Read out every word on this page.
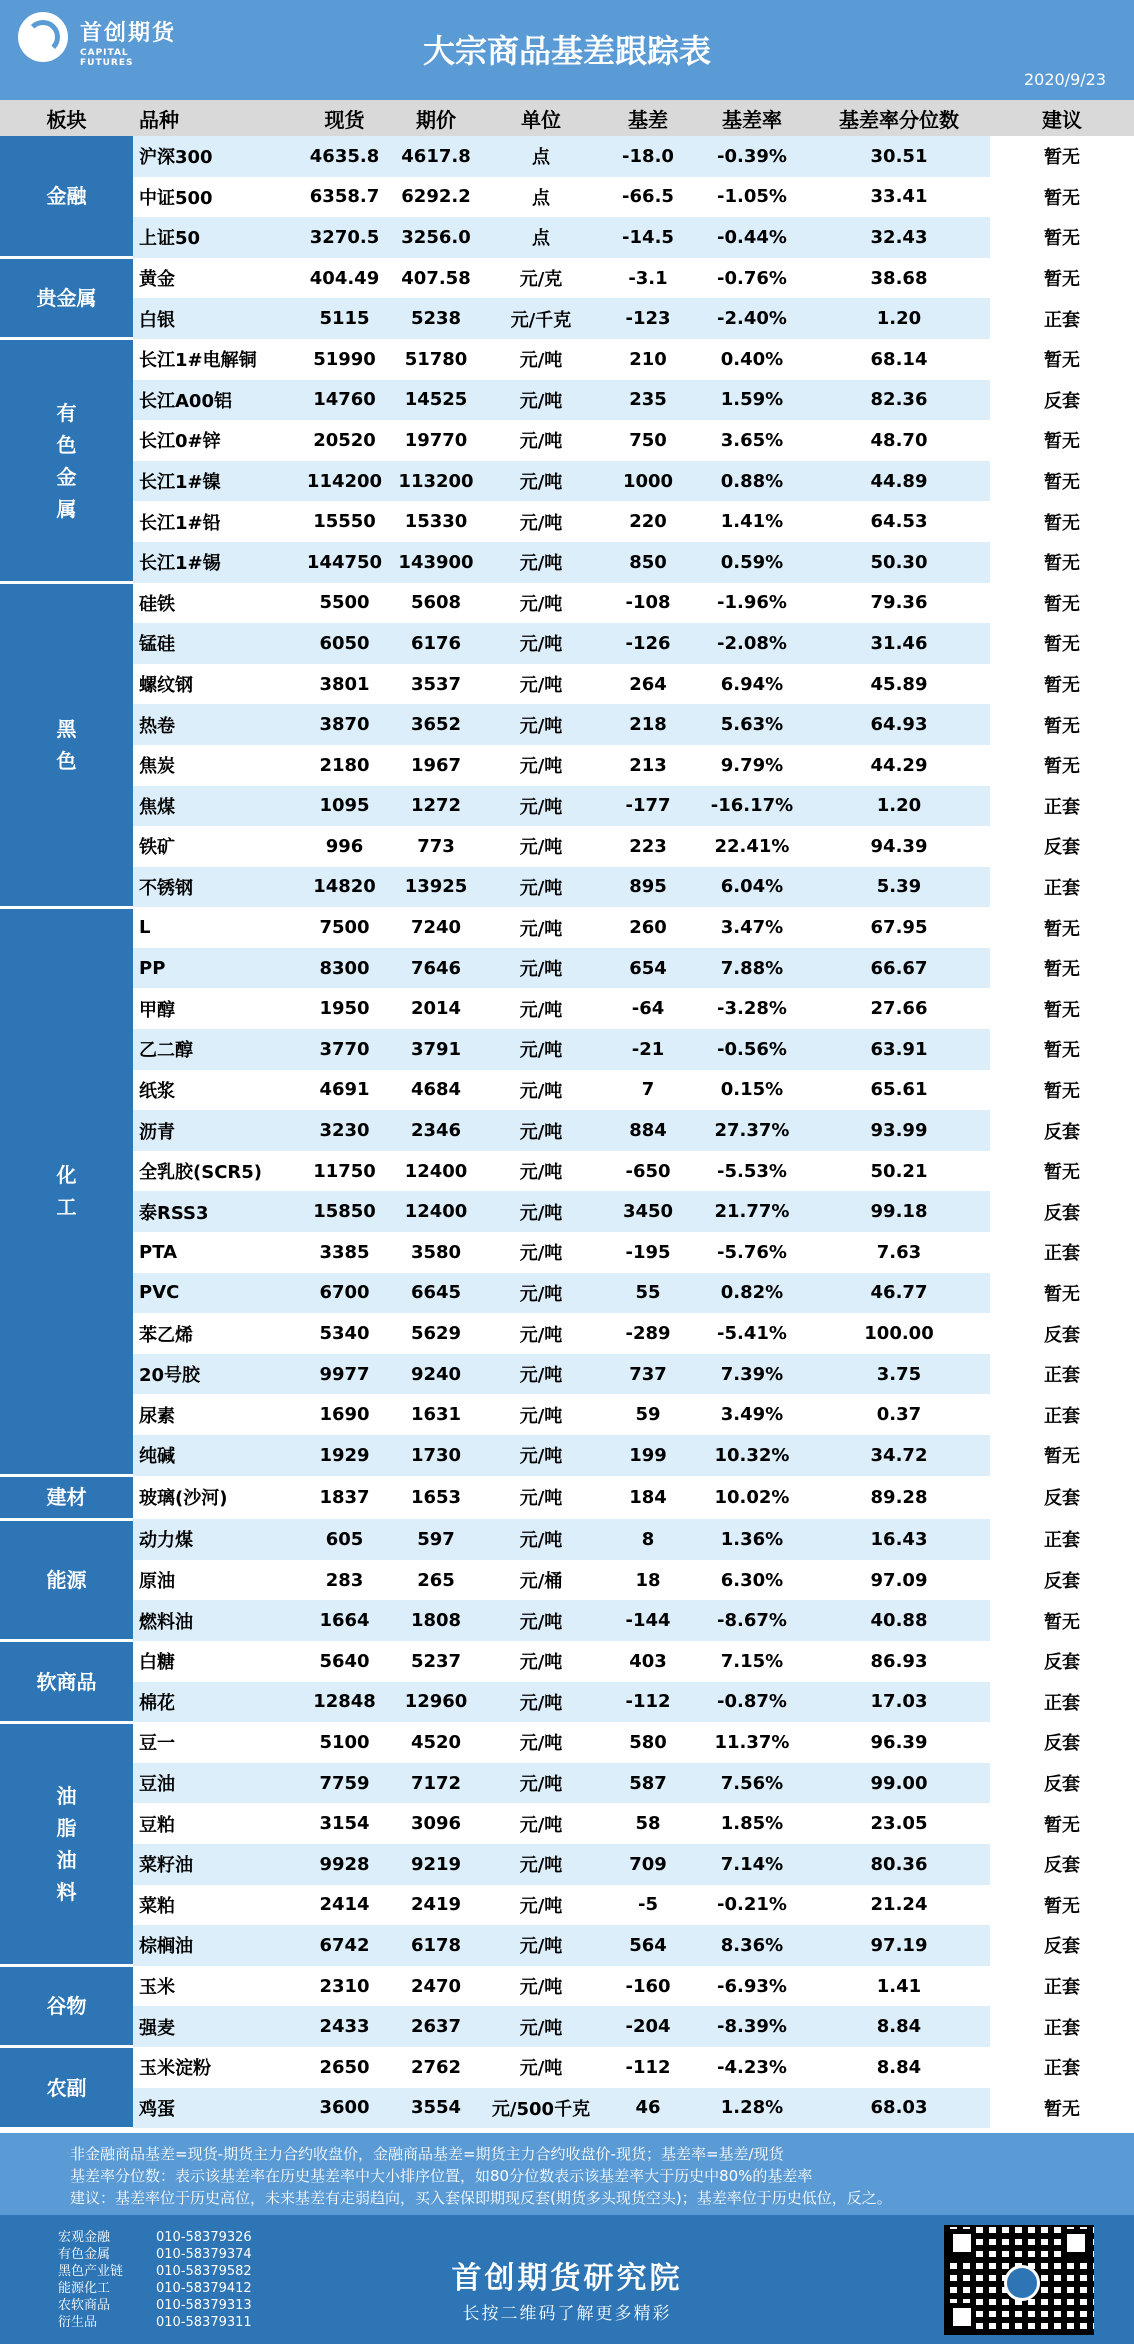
首创期货
CAPITAL FUTURES	大宗商品基差跟踪表
2020/9/23
板块	品种	现货	期价	单位	基差	基差率	基差率分位数	建议
金融	沪深300	4635.8	4617.8	点	-18.0	-0.39%	30.51	暂无
	中证500	6358.7	6292.2	点	-66.5	-1.05%	33.41	暂无
	上证50	3270.5	3256.0	点	-14.5	-0.44%	32.43	暂无
贵金属	黄金	404.49	407.58	元/克	-3.1	-0.76%	38.68	暂无
	白银	5115	5238	元/千克	-123	-2.40%	1.20	正套
有色金属	长江1#电解铜	51990	51780	元/吨	210	0.40%	68.14	暂无
	长江A00铝	14760	14525	元/吨	235	1.59%	82.36	反套
	长江0#锌	20520	19770	元/吨	750	3.65%	48.70	暂无
	长江1#镍	114200	113200	元/吨	1000	0.88%	44.89	暂无
	长江1#铅	15550	15330	元/吨	220	1.41%	64.53	暂无
	长江1#锡	144750	143900	元/吨	850	0.59%	50.30	暂无
黑色	硅铁	5500	5608	元/吨	-108	-1.96%	79.36	暂无
	锰硅	6050	6176	元/吨	-126	-2.08%	31.46	暂无
	螺纹钢	3801	3537	元/吨	264	6.94%	45.89	暂无
	热卷	3870	3652	元/吨	218	5.63%	64.93	暂无
	焦炭	2180	1967	元/吨	213	9.79%	44.29	暂无
	焦煤	1095	1272	元/吨	-177	-16.17%	1.20	正套
	铁矿	996	773	元/吨	223	22.41%	94.39	反套
	不锈钢	14820	13925	元/吨	895	6.04%	5.39	正套
化工	L	7500	7240	元/吨	260	3.47%	67.95	暂无
	PP	8300	7646	元/吨	654	7.88%	66.67	暂无
	甲醇	1950	2014	元/吨	-64	-3.28%	27.66	暂无
	乙二醇	3770	3791	元/吨	-21	-0.56%	63.91	暂无
	纸浆	4691	4684	元/吨	7	0.15%	65.61	暂无
	沥青	3230	2346	元/吨	884	27.37%	93.99	反套
	全乳胶(SCR5)	11750	12400	元/吨	-650	-5.53%	50.21	暂无
	泰RSS3	15850	12400	元/吨	3450	21.77%	99.18	反套
	PTA	3385	3580	元/吨	-195	-5.76%	7.63	正套
	PVC	6700	6645	元/吨	55	0.82%	46.77	暂无
	苯乙烯	5340	5629	元/吨	-289	-5.41%	100.00	反套
	20号胶	9977	9240	元/吨	737	7.39%	3.75	正套
	尿素	1690	1631	元/吨	59	3.49%	0.37	正套
	纯碱	1929	1730	元/吨	199	10.32%	34.72	暂无
建材	玻璃(沙河)	1837	1653	元/吨	184	10.02%	89.28	反套
能源	动力煤	605	597	元/吨	8	1.36%	16.43	正套
	原油	283	265	元/桶	18	6.30%	97.09	反套
	燃料油	1664	1808	元/吨	-144	-8.67%	40.88	暂无
软商品	白糖	5640	5237	元/吨	403	7.15%	86.93	反套
	棉花	12848	12960	元/吨	-112	-0.87%	17.03	正套
油脂油料	豆一	5100	4520	元/吨	580	11.37%	96.39	反套
	豆油	7759	7172	元/吨	587	7.56%	99.00	反套
	豆粕	3154	3096	元/吨	58	1.85%	23.05	暂无
	菜籽油	9928	9219	元/吨	709	7.14%	80.36	反套
	菜粕	2414	2419	元/吨	-5	-0.21%	21.24	暂无
	棕榈油	6742	6178	元/吨	564	8.36%	97.19	反套
谷物	玉米	2310	2470	元/吨	-160	-6.93%	1.41	正套
	强麦	2433	2637	元/吨	-204	-8.39%	8.84	正套
农副	玉米淀粉	2650	2762	元/吨	-112	-4.23%	8.84	正套
	鸡蛋	3600	3554	元/500千克	46	1.28%	68.03	暂无
非金融商品基差=现货-期货主力合约收盘价，金融商品基差=期货主力合约收盘价-现货；基差率=基差/现货
基差率分位数：表示该基差率在历史基差率中大小排序位置，如80分位数表示该基差率大于历史中80%的基差率
建议：基差率位于历史高位，未来基差有走弱趋向，买入套保即期现反套(期货多头现货空头)；基差率位于历史低位，反之。
宏观金融	010-58379326
有色金属	010-58379374
黑色产业链	010-58379582
能源化工	010-58379412
农软商品	010-58379313
衍生品	010-58379311
首创期货研究院
长按二维码了解更多精彩
